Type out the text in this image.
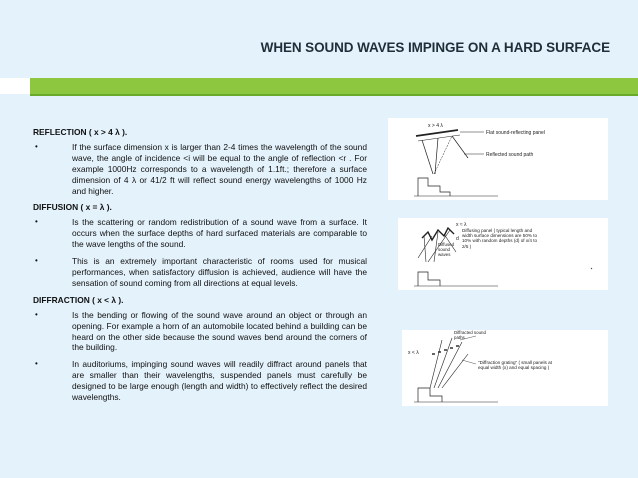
WHEN SOUND WAVES IMPINGE ON A HARD SURFACE
REFLECTION ( x > 4 λ ).
•	If the surface dimension x is larger than 2-4 times the wavelength of the sound wave, the angle of incidence <i will be equal to the angle of reflection <r . For example 1000Hz corresponds to a wavelength of 1.1ft.; therefore a surface dimension of 4 λ or 41/2 ft will reflect sound energy wavelengths of 1000 Hz and higher.
DIFFUSION ( x = λ ).
•	Is the scattering or random redistribution of a sound wave from a surface. It occurs when the surface depths of hard surfaced materials are comparable to the wave lengths of the sound.
•	This is an extremely important characteristic of rooms used for musical performances, when satisfactory diffusion is achieved, audience will have the sensation of sound coming from all directions at equal levels.
DIFFRACTION ( x < λ ).
•	Is the bending or flowing of the sound wave around an object or through an opening. For example a horn of an automobile located behind a building can be heard on the other side because the sound waves bend around the corners of the building.
•	In auditoriums, impinging sound waves will readily diffract around panels that are smaller than their wavelengths, suspended panels must carefully be designed to be large enough (length and width) to effectively reflect the desired wavelengths.
x > 4 λ
Flat sound-reflecting panel
Reflected sound path
x ≈ λ
d
Diffusing panel ( typical length and width surface dimensions are 50% to 10% with random depths (d) of x/4 to 2/5 )
Diffused sound waves
x < λ
Diffracted sound paths
"Diffraction grating" ( small panels at equal width (x) and equal spacing )
